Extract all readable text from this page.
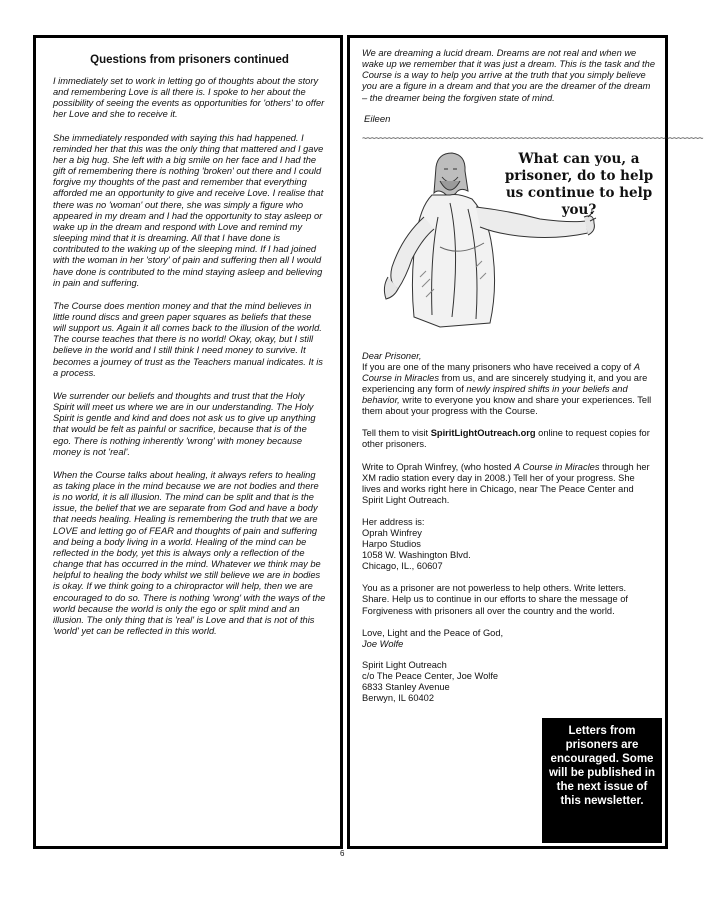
Questions from prisoners continued

I immediately set to work in letting go of thoughts about the story and remembering Love is all there is. I spoke to her about the possibility of seeing the events as opportunities for 'others' to offer her Love and she to receive it.

She immediately responded with saying this had happened. I reminded her that this was the only thing that mattered and I gave her a big hug. She left with a big smile on her face and I had the gift of remembering there is nothing 'broken' out there and I could forgive my thoughts of the past and remember that everything afforded me an opportunity to give and receive Love. I realise that there was no 'woman' out there, she was simply a figure who appeared in my dream and I had the opportunity to stay asleep or wake up in the dream and respond with Love and remind my sleeping mind that it is dreaming. All that I have done is contributed to the waking up of the sleeping mind. If I had joined with the woman in her 'story' of pain and suffering then all I would have done is contributed to the mind staying asleep and believing in pain and suffering.

The Course does mention money and that the mind believes in little round discs and green paper squares as beliefs that these will support us. Again it all comes back to the illusion of the world. The course teaches that there is no world! Okay, okay, but I still believe in the world and I still think I need money to survive. It becomes a journey of trust as the Teachers manual indicates. It is a process.

We surrender our beliefs and thoughts and trust that the Holy Spirit will meet us where we are in our understanding. The Holy Spirit is gentle and kind and does not ask us to give up anything that would be felt as painful or sacrifice, because that is of the ego. There is nothing inherently 'wrong' with money because money is not 'real'.

When the Course talks about healing, it always refers to healing as taking place in the mind because we are not bodies and there is no world, it is all illusion. The mind can be split and that is the issue, the belief that we are separate from God and have a body that needs healing. Healing is remembering the truth that we are LOVE and letting go of FEAR and thoughts of pain and suffering and being a body living in a world. Healing of the mind can be reflected in the body, yet this is always only a reflection of the change that has occurred in the mind. Whatever we think may be helpful to healing the body whilst we still believe we are in bodies is okay. If we think going to a chiropractor will help, then we are encouraged to do so. There is nothing 'wrong' with the ways of the world because the world is only the ego or split mind and an illusion. The only thing that is 'real' is Love and that is not of this 'world' yet can be reflected in this world.

We are dreaming a lucid dream. Dreams are not real and when we wake up we remember that it was just a dream. This is the task and the Course is a way to help you arrive at the truth that you simply believe you are a figure in a dream and that you are the dreamer of the dream – the dreamer being the forgiven state of mind.

Eileen
~~~~~~~~~~~~~~~~~~~~~~~~~~~~~~~~~~~~~~~~~~~~~~~~~~~~~~~~~~~~~~~~~~~~~~~~~~~~~~~~
What can you, a prisoner, do to help us continue to help you?

Dear Prisoner,

If you are one of the many prisoners who have received a copy of A Course in Miracles from us, and are sincerely studying it, and you are experiencing any form of newly inspired shifts in your beliefs and behavior, write to everyone you know and share your experiences. Tell them about your progress with the Course.

Tell them to visit SpiritLightOutreach.org online to request copies for other prisoners.

Write to Oprah Winfrey, (who hosted A Course in Miracles through her XM radio station every day in 2008.) Tell her of your progress. She lives and works right here in Chicago, near The Peace Center and Spirit Light Outreach.

Her address is:
Oprah Winfrey
Harpo Studios
1058 W. Washington Blvd.
Chicago, IL., 60607

You as a prisoner are not powerless to help others. Write letters. Share. Help us to continue in our efforts to share the message of Forgiveness with prisoners all over the country and the world.

Love, Light and the Peace of God,
Joe Wolfe
Spirit Light Outreach
c/o The Peace Center, Joe Wolfe
6833 Stanley Avenue
Berwyn, IL 60402
Letters from prisoners are encouraged. Some will be published in the next issue of this newsletter.
6
